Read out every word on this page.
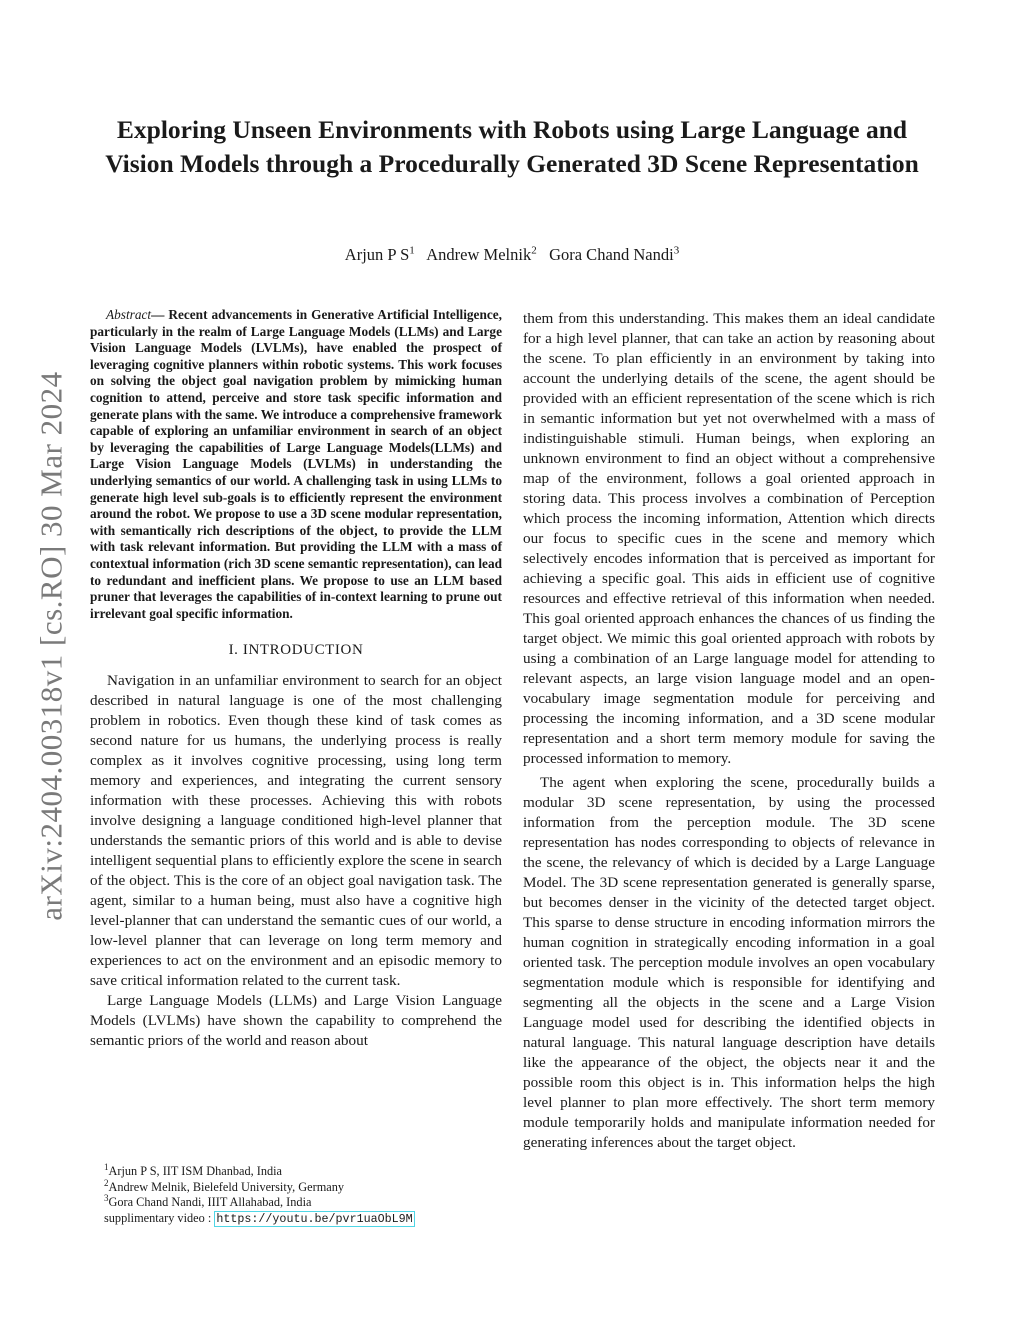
arXiv:2404.00318v1 [cs.RO] 30 Mar 2024
Exploring Unseen Environments with Robots using Large Language and Vision Models through a Procedurally Generated 3D Scene Representation
Arjun P $S^1$ Andrew Melnik$^2$ Gora Chand Nandi$^3$

Abstract— Recent advancements in Generative Artificial Intelligence, particularly in the realm of Large Language Models (LLMs) and Large Vision Language Models (LVLMs), have enabled the prospect of leveraging cognitive planners within robotic systems. This work focuses on solving the object goal navigation problem by mimicking human cognition to attend, perceive and store task specific information and generate plans with the same. We introduce a comprehensive framework capable of exploring an unfamiliar environment in search of an object by leveraging the capabilities of Large Language Models(LLMs) and Large Vision Language Models (LVLMs) in understanding the underlying semantics of our world. A challenging task in using LLMs to generate high level sub-goals is to efficiently represent the environment around the robot. We propose to use a 3D scene modular representation, with semantically rich descriptions of the object, to provide the LLM with task relevant information. But providing the LLM with a mass of contextual information (rich 3D scene semantic representation), can lead to redundant and inefficient plans. We propose to use an LLM based pruner that leverages the capabilities of in-context learning to prune out irrelevant goal specific information.

I. INTRODUCTION

Navigation in an unfamiliar environment to search for an object described in natural language is one of the most challenging problem in robotics. Even though these kind of task comes as second nature for us humans, the underlying process is really complex as it involves cognitive processing, using long term memory and experiences, and integrating the current sensory information with these processes. Achieving this with robots involve designing a language conditioned high-level planner that understands the semantic priors of this world and is able to devise intelligent sequential plans to efficiently explore the scene in search of the object. This is the core of an object goal navigation task. The agent, similar to a human being, must also have a cognitive high level-planner that can understand the semantic cues of our world, a low-level planner that can leverage on long term memory and experiences to act on the environment and an episodic memory to save critical information related to the current task.

Large Language Models (LLMs) and Large Vision Language Models (LVLMs) have shown the capability to comprehend the semantic priors of the world and reason about

them from this understanding. This makes them an ideal candidate for a high level planner, that can take an action by reasoning about the scene. To plan efficiently in an environment by taking into account the underlying details of the scene, the agent should be provided with an efficient representation of the scene which is rich in semantic information but yet not overwhelmed with a mass of indistinguishable stimuli. Human beings, when exploring an unknown environment to find an object without a comprehensive map of the environment, follows a goal oriented approach in storing data. This process involves a combination of Perception which process the incoming information, Attention which directs our focus to specific cues in the scene and memory which selectively encodes information that is perceived as important for achieving a specific goal. This aids in efficient use of cognitive resources and effective retrieval of this information when needed. This goal oriented approach enhances the chances of us finding the target object. We mimic this goal oriented approach with robots by using a combination of an Large language model for attending to relevant aspects, an large vision language model and an open-vocabulary image segmentation module for perceiving and processing the incoming information, and a 3D scene modular representation and a short term memory module for saving the processed information to memory.

The agent when exploring the scene, procedurally builds a modular 3D scene representation, by using the processed information from the perception module. The 3D scene representation has nodes corresponding to objects of relevance in the scene, the relevancy of which is decided by a Large Language Model. The 3D scene representation generated is generally sparse, but becomes denser in the vicinity of the detected target object. This sparse to dense structure in encoding information mirrors the human cognition in strategically encoding information in a goal oriented task. The perception module involves an open vocabulary segmentation module which is responsible for identifying and segmenting all the objects in the scene and a Large Vision Language model used for describing the identified objects in natural language. This natural language description have details like the appearance of the object, the objects near it and the possible room this object is in. This information helps the high level planner to plan more effectively. The short term memory module temporarily holds and manipulate information needed for generating inferences about the target object.

$^1$Arjun P S, IIT ISM Dhanbad, India
$^2$Andrew Melnik, Bielefeld University, Germany
$^3$Gora Chand Nandi, IIIT Allahabad, India
supplimentary video : https://youtu.be/pvr1uaObL9M
